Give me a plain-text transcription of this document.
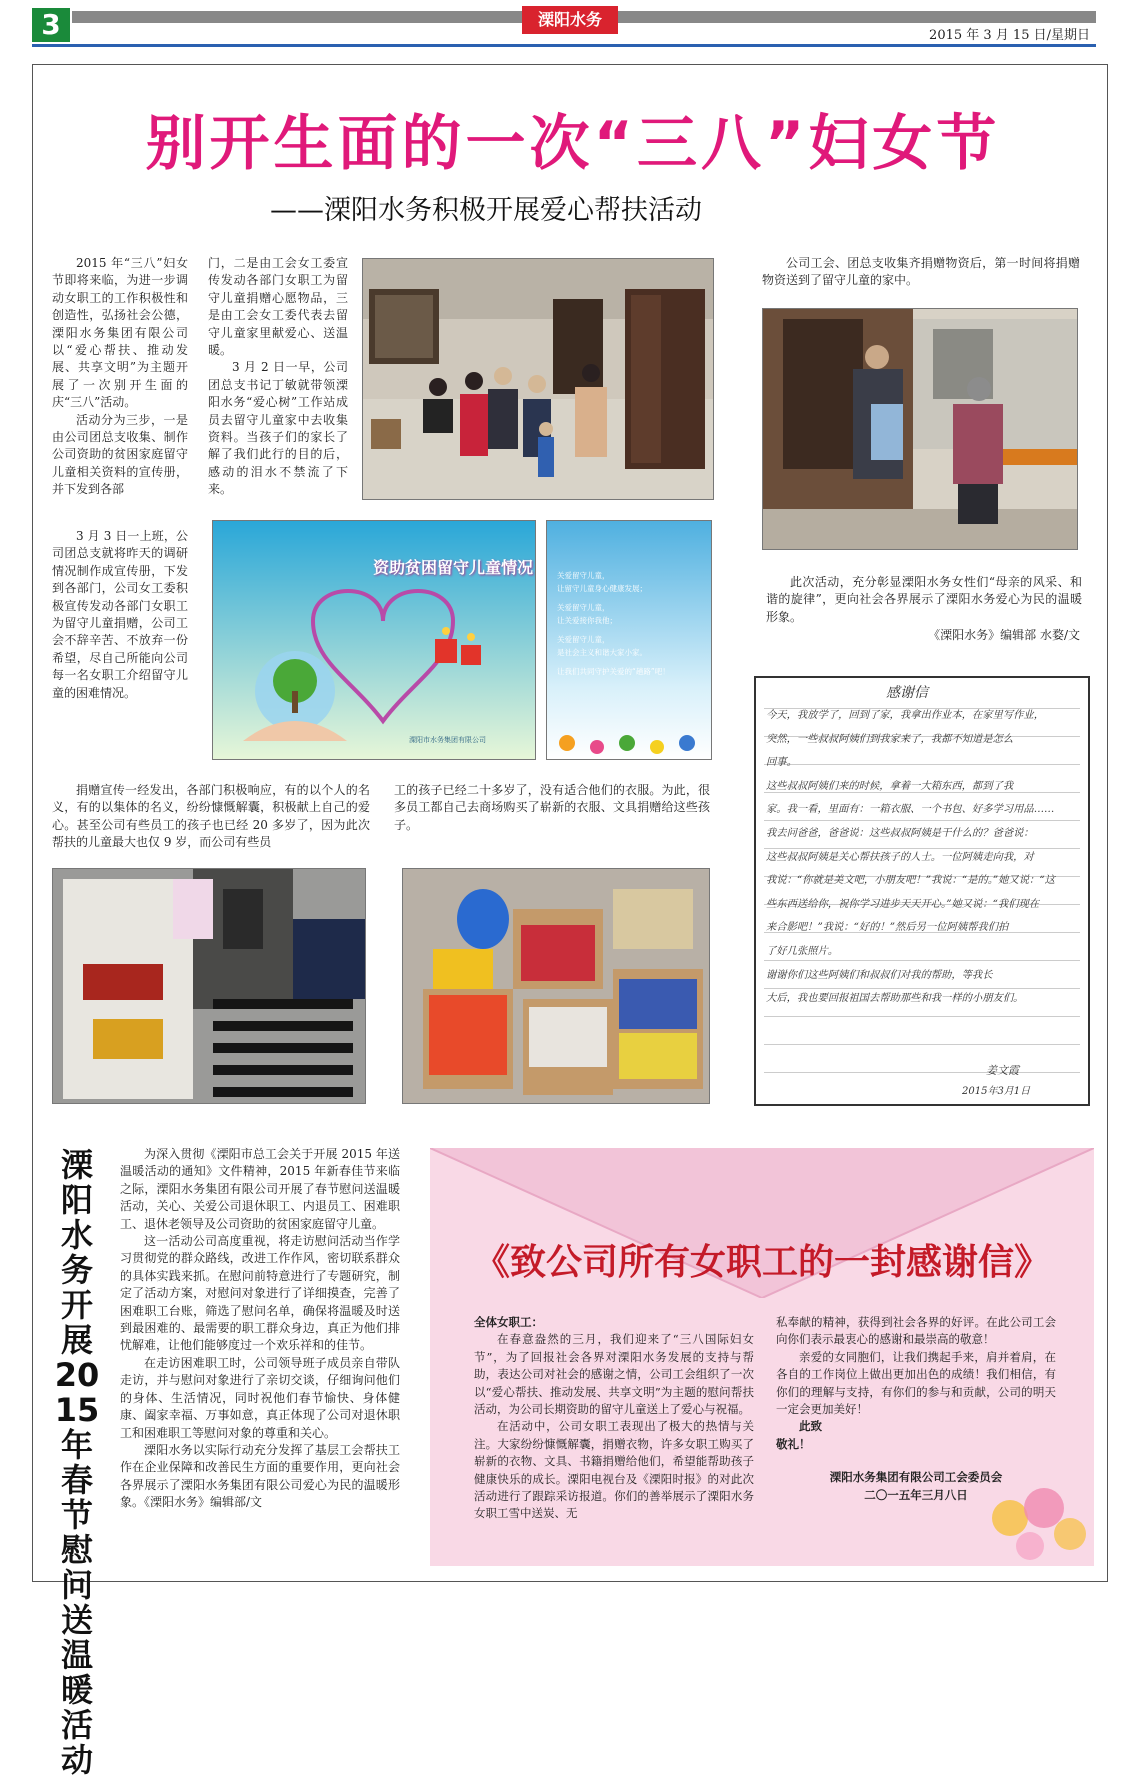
3	溧阳水务
2015 年 3 月 15 日/星期日
别开生面的一次“三八”妇女节
——溧阳水务积极开展爱心帮扶活动

2015 年“三八”妇女节即将来临，为进一步调动女职工的工作积极性和创造性，弘扬社会公德，溧阳水务集团有限公司以“爱心帮扶、推动发展、共享文明”为主题开展了一次别开生面的庆“三八”活动。

活动分为三步，一是由公司团总支收集、制作公司资助的贫困家庭留守儿童相关资料的宣传册，并下发到各部

门，二是由工会女工委宣传发动各部门女职工为留守儿童捐赠心愿物品，三是由工会女工委代表去留守儿童家里献爱心、送温暖。

3 月 2 日一早，公司团总支书记丁敏就带领溧阳水务“爱心树”工作站成员去留守儿童家中去收集资料。当孩子们的家长了解了我们此行的目的后，感动的泪水不禁流了下来。

公司工会、团总支收集齐捐赠物资后，第一时间将捐赠物资送到了留守儿童的家中。

3 月 3 日一上班，公司团总支就将昨天的调研情况制作成宣传册，下发到各部门，公司女工委积极宣传发动各部门女职工为留守儿童捐赠，公司工会不辞辛苦、不放弃一份希望，尽自己所能向公司每一名女职工介绍留守儿童的困难情况。

资助贫困留守儿童情况
溧阳市水务集团有限公司
关爱留守儿童，
让留守儿童身心健康发展；
关爱留守儿童，
让关爱接你我他；
关爱留守儿童，
是社会主义和谐大家小家。
让我们共同守护关爱的“趟路”吧！

此次活动，充分彰显溧阳水务女性们“母亲的风采、和谐的旋律”，更向社会各界展示了溧阳水务爱心为民的温暖形象。

《溧阳水务》编辑部 水婺/文
感谢信
今天，我放学了，回到了家，我拿出作业本，在家里写作业，
突然，一些叔叔阿姨们到我家来了，我都不知道是怎么
回事。
这些叔叔阿姨们来的时候，拿着一大箱东西，都到了我
家。我一看，里面有：一箱衣服、一个书包、好多学习用品……
我去问爸爸，爸爸说：这些叔叔阿姨是干什么的？爸爸说：
这些叔叔阿姨是关心帮扶孩子的人士。一位阿姨走向我，对
我说：“你就是美文吧，小朋友吧！”我说：“是的。”她又说：“这
些东西送给你，祝你学习进步天天开心。”她又说：“我们现在
来合影吧！”我说：“好的！”然后另一位阿姨帮我们拍
了好几张照片。
谢谢你们这些阿姨们和叔叔们对我的帮助，等我长
大后，我也要回报祖国去帮助那些和我一样的小朋友们。
姜文霞
2015年3月1日

捐赠宣传一经发出，各部门积极响应，有的以个人的名义，有的以集体的名义，纷纷慷慨解囊，积极献上自己的爱心。甚至公司有些员工的孩子也已经 20 多岁了，因为此次帮扶的儿童最大也仅 9 岁，而公司有些员

工的孩子已经二十多岁了，没有适合他们的衣服。为此，很多员工都自己去商场购买了崭新的衣服、文具捐赠给这些孩子。

溧阳水务开展2015年春节慰问送温暖活动

为深入贯彻《溧阳市总工会关于开展 2015 年送温暖活动的通知》文件精神，2015 年新春佳节来临之际，溧阳水务集团有限公司开展了春节慰问送温暖活动，关心、关爱公司退休职工、内退员工、困难职工、退休老领导及公司资助的贫困家庭留守儿童。

这一活动公司高度重视，将走访慰问活动当作学习贯彻党的群众路线，改进工作作风，密切联系群众的具体实践来抓。在慰问前特意进行了专题研究，制定了活动方案，对慰问对象进行了详细摸查，完善了困难职工台账，筛选了慰问名单，确保将温暖及时送到最困难的、最需要的职工群众身边，真正为他们排忧解难，让他们能够度过一个欢乐祥和的佳节。

在走访困难职工时，公司领导班子成员亲自带队走访，并与慰问对象进行了亲切交谈，仔细询问他们的身体、生活情况，同时祝他们春节愉快、身体健康、阖家幸福、万事如意，真正体现了公司对退休职工和困难职工等慰问对象的尊重和关心。

溧阳水务以实际行动充分发挥了基层工会帮扶工作在企业保障和改善民生方面的重要作用，更向社会各界展示了溧阳水务集团有限公司爱心为民的温暖形象。《溧阳水务》编辑部/文

《致公司所有女职工的一封感谢信》
全体女职工：

在春意盎然的三月，我们迎来了“三八国际妇女节”，为了回报社会各界对溧阳水务发展的支持与帮助，表达公司对社会的感谢之情，公司工会组织了一次以“爱心帮扶、推动发展、共享文明”为主题的慰问帮扶活动，为公司长期资助的留守儿童送上了爱心与祝福。

在活动中，公司女职工表现出了极大的热情与关注。大家纷纷慷慨解囊，捐赠衣物，许多女职工购买了崭新的衣物、文具、书籍捐赠给他们，希望能帮助孩子健康快乐的成长。溧阳电视台及《溧阳时报》的对此次活动进行了跟踪采访报道。你们的善举展示了溧阳水务女职工雪中送炭、无

私奉献的精神，获得到社会各界的好评。在此公司工会向你们表示最衷心的感谢和最崇高的敬意！

亲爱的女同胞们，让我们携起手来，肩并着肩，在各自的工作岗位上做出更加出色的成绩！我们相信，有你们的理解与支持，有你们的参与和贡献，公司的明天一定会更加美好！

此致
敬礼！
溧阳水务集团有限公司工会委员会
二〇一五年三月八日
